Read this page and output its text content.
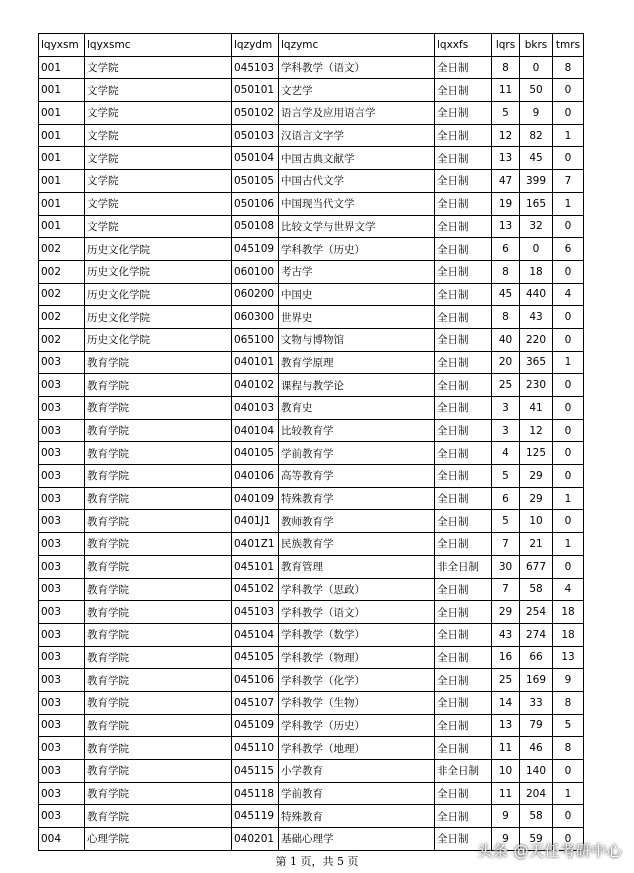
lqyxsm	lqyxsmc	lqzydm	lqzymc	lqxxfs	lqrs	bkrs	tmrs
001	文学院	045103	学科教学（语文）	全日制	8	0	8
001	文学院	050101	文艺学	全日制	11	50	0
001	文学院	050102	语言学及应用语言学	全日制	5	9	0
001	文学院	050103	汉语言文字学	全日制	12	82	1
001	文学院	050104	中国古典文献学	全日制	13	45	0
001	文学院	050105	中国古代文学	全日制	47	399	7
001	文学院	050106	中国现当代文学	全日制	19	165	1
001	文学院	050108	比较文学与世界文学	全日制	13	32	0
002	历史文化学院	045109	学科教学（历史）	全日制	6	0	6
002	历史文化学院	060100	考古学	全日制	8	18	0
002	历史文化学院	060200	中国史	全日制	45	440	4
002	历史文化学院	060300	世界史	全日制	8	43	0
002	历史文化学院	065100	文物与博物馆	全日制	40	220	0
003	教育学院	040101	教育学原理	全日制	20	365	1
003	教育学院	040102	课程与教学论	全日制	25	230	0
003	教育学院	040103	教育史	全日制	3	41	0
003	教育学院	040104	比较教育学	全日制	3	12	0
003	教育学院	040105	学前教育学	全日制	4	125	0
003	教育学院	040106	高等教育学	全日制	5	29	0
003	教育学院	040109	特殊教育学	全日制	6	29	1
003	教育学院	0401J1	教师教育学	全日制	5	10	0
003	教育学院	0401Z1	民族教育学	全日制	7	21	1
003	教育学院	045101	教育管理	非全日制	30	677	0
003	教育学院	045102	学科教学（思政）	全日制	7	58	4
003	教育学院	045103	学科教学（语文）	全日制	29	254	18
003	教育学院	045104	学科教学（数学）	全日制	43	274	18
003	教育学院	045105	学科教学（物理）	全日制	16	66	13
003	教育学院	045106	学科教学（化学）	全日制	25	169	9
003	教育学院	045107	学科教学（生物）	全日制	14	33	8
003	教育学院	045109	学科教学（历史）	全日制	13	79	5
003	教育学院	045110	学科教学（地理）	全日制	11	46	8
003	教育学院	045115	小学教育	非全日制	10	140	0
003	教育学院	045118	学前教育	全日制	11	204	1
003	教育学院	045119	特殊教育	全日制	9	58	0
004	心理学院	040201	基础心理学	全日制	9	59	0
第 1 页，共 5 页
头条 @天任考研中心
